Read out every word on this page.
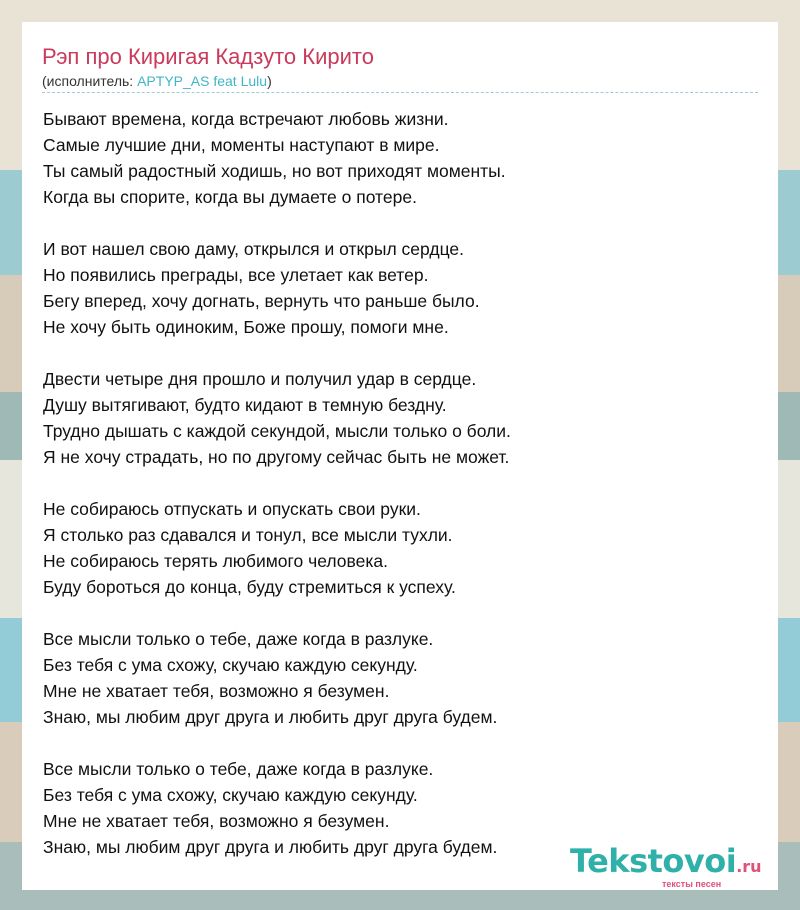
Рэп про Киригая Кадзуто Кирито
(исполнитель: APTYP_AS feat Lulu)
Бывают времена, когда встречают любовь жизни.
Самые лучшие дни, моменты наступают в мире.
Ты самый радостный ходишь, но вот приходят моменты.
Когда вы спорите, когда вы думаете о потере.
И вот нашел свою даму, открылся и открыл сердце.
Но появились преграды, все улетает как ветер.
Бегу вперед, хочу догнать, вернуть что раньше было.
Не хочу быть одиноким, Боже прошу, помоги мне.
Двести четыре дня прошло и получил удар в сердце.
Душу вытягивают, будто кидают в темную бездну.
Трудно дышать с каждой секундой, мысли только о боли.
Я не хочу страдать, но по другому сейчас быть не может.
Не собираюсь отпускать и опускать свои руки.
Я столько раз сдавался и тонул, все мысли тухли.
Не собираюсь терять любимого человека.
Буду бороться до конца, буду стремиться к успеху.
Все мысли только о тебе, даже когда в разлуке.
Без тебя с ума схожу, скучаю каждую секунду.
Мне не хватает тебя, возможно я безумен.
Знаю, мы любим друг друга и любить друг друга будем.
Все мысли только о тебе, даже когда в разлуке.
Без тебя с ума схожу, скучаю каждую секунду.
Мне не хватает тебя, возможно я безумен.
Знаю, мы любим друг друга и любить друг друга будем.	Tekstovoi.ru
тексты песен
